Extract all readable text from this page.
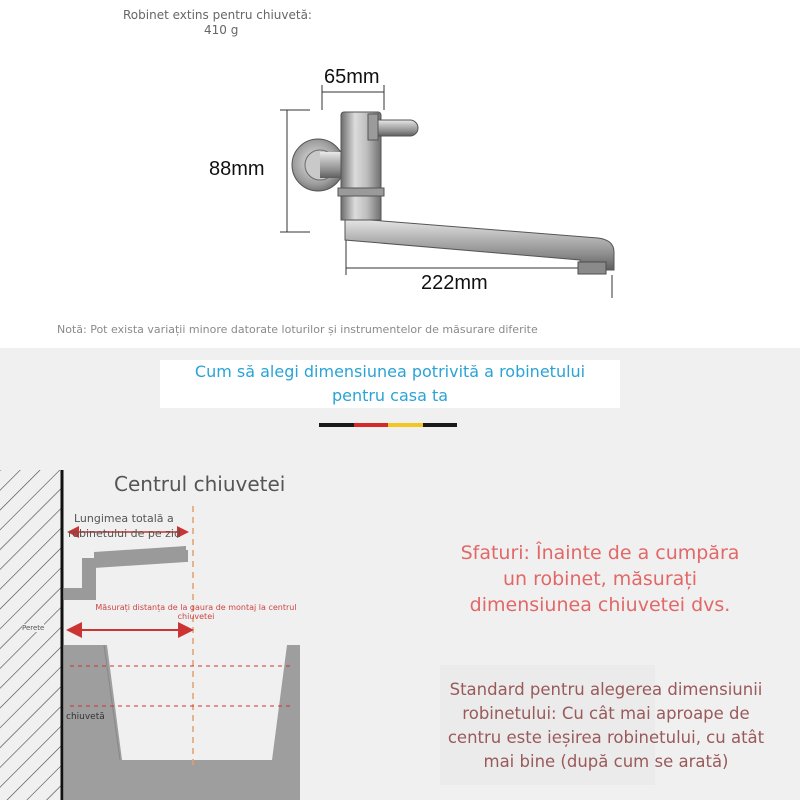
Robinet extins pentru chiuvetă:
410 g
65mm
88mm
222mm
Notă: Pot exista variații minore datorate loturilor și instrumentelor de măsurare diferite
Cum să alegi dimensiunea potrivită a robinetului
pentru casa ta
Centrul chiuvetei
Lungimea totală a
robinetului de pe zid
Măsurați distanța de la gaura de montaj la centrul
chiuvetei
Perete
chiuvetă
Sfaturi: Înainte de a cumpăra
un robinet, măsurați
dimensiunea chiuvetei dvs.
Standard pentru alegerea dimensiunii
robinetului: Cu cât mai aproape de
centru este ieșirea robinetului, cu atât
mai bine (după cum se arată)
